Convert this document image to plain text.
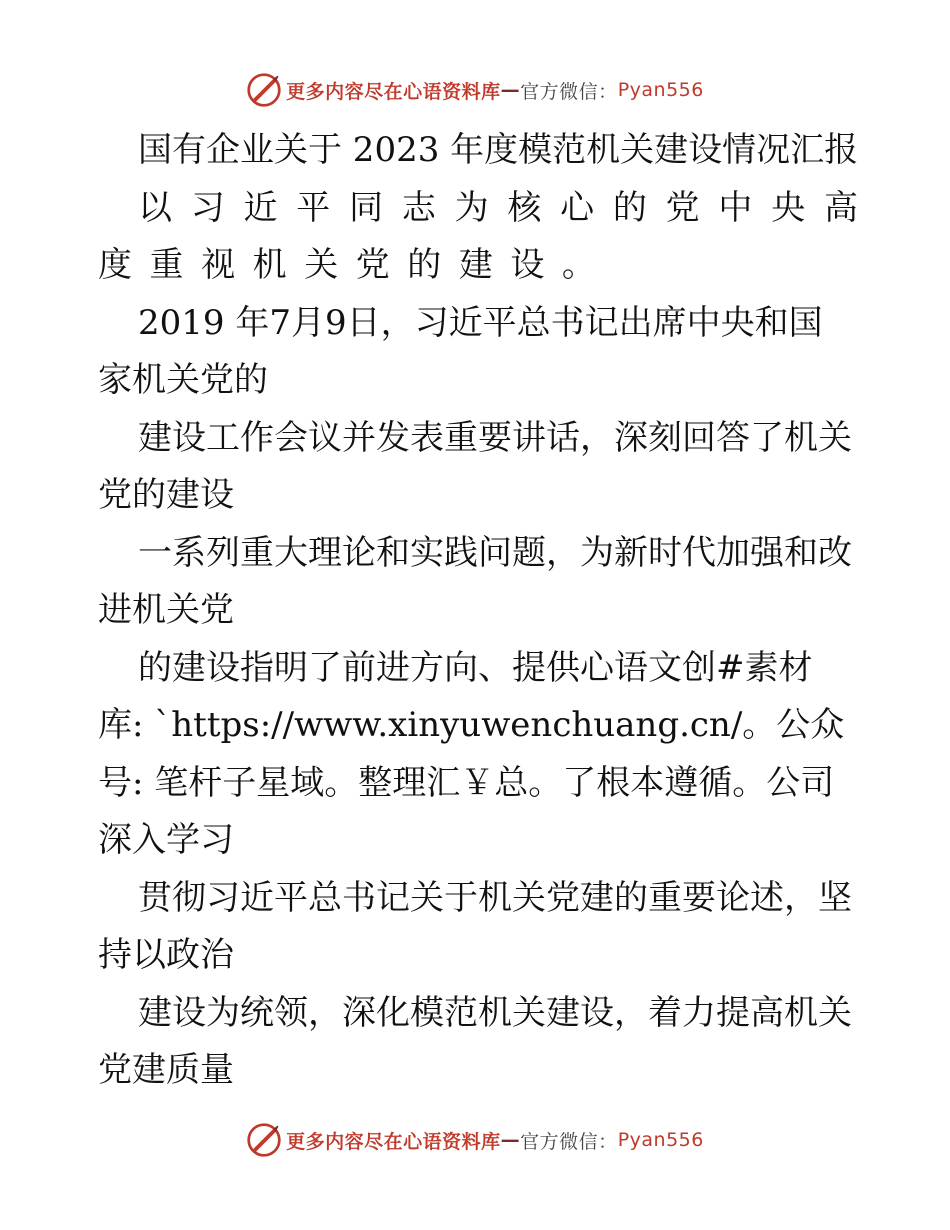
更多内容尽在心语资料库 — 官方微信： Pyan556
国有企业关于 2023 年度模范机关建设情况汇报
以 习 近 平 同 志 为 核 心 的 党 中 央 高
度 重 视 机 关 党 的 建 设 。
2019 年7月9日，习近平总书记出席中央和国
家机关党的
建设工作会议并发表重要讲话，深刻回答了机关
党的建设
一系列重大理论和实践问题，为新时代加强和改
进机关党
的建设指明了前进方向、提供心语文创#素材
库: `https://www.xinyuwenchuang.cn/。公众
号: 笔杆子星域。整理汇￥总。了根本遵循。公司
深入学习
贯彻习近平总书记关于机关党建的重要论述，坚
持以政治
建设为统领，深化模范机关建设，着力提高机关
党建质量
更多内容尽在心语资料库 — 官方微信： Pyan556
